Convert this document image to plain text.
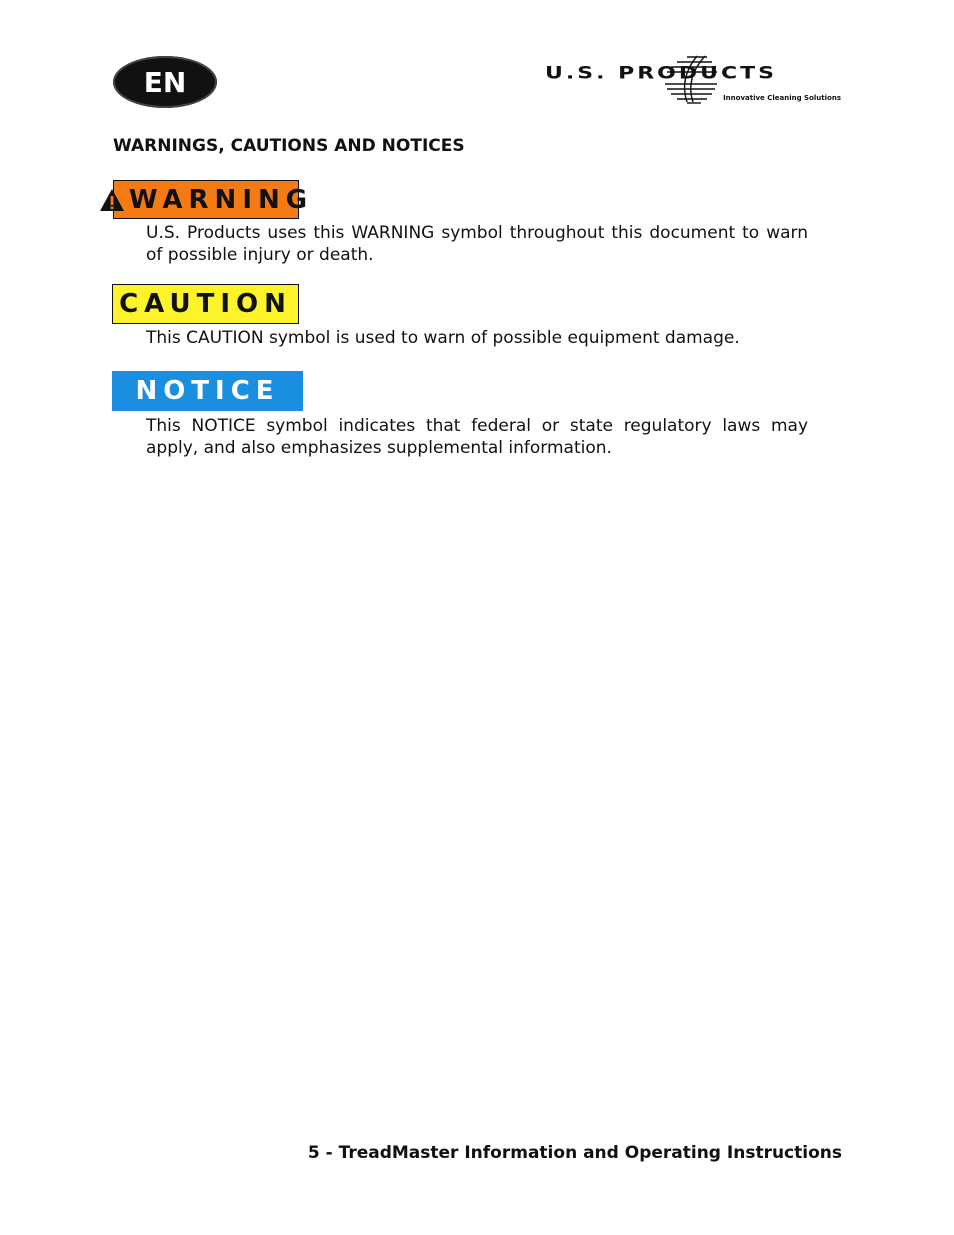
EN	U.S. PRODUCTS
Innovative Cleaning Solutions
WARNINGS, CAUTIONS AND NOTICES
WARNING
U.S. Products uses this WARNING symbol throughout this document to warn of possible injury or death.
CAUTION
This CAUTION symbol is used to warn of possible equipment damage.
NOTICE
This NOTICE symbol indicates that federal or state regulatory laws may apply, and also emphasizes supplemental information.
5 - TreadMaster Information and Operating Instructions
